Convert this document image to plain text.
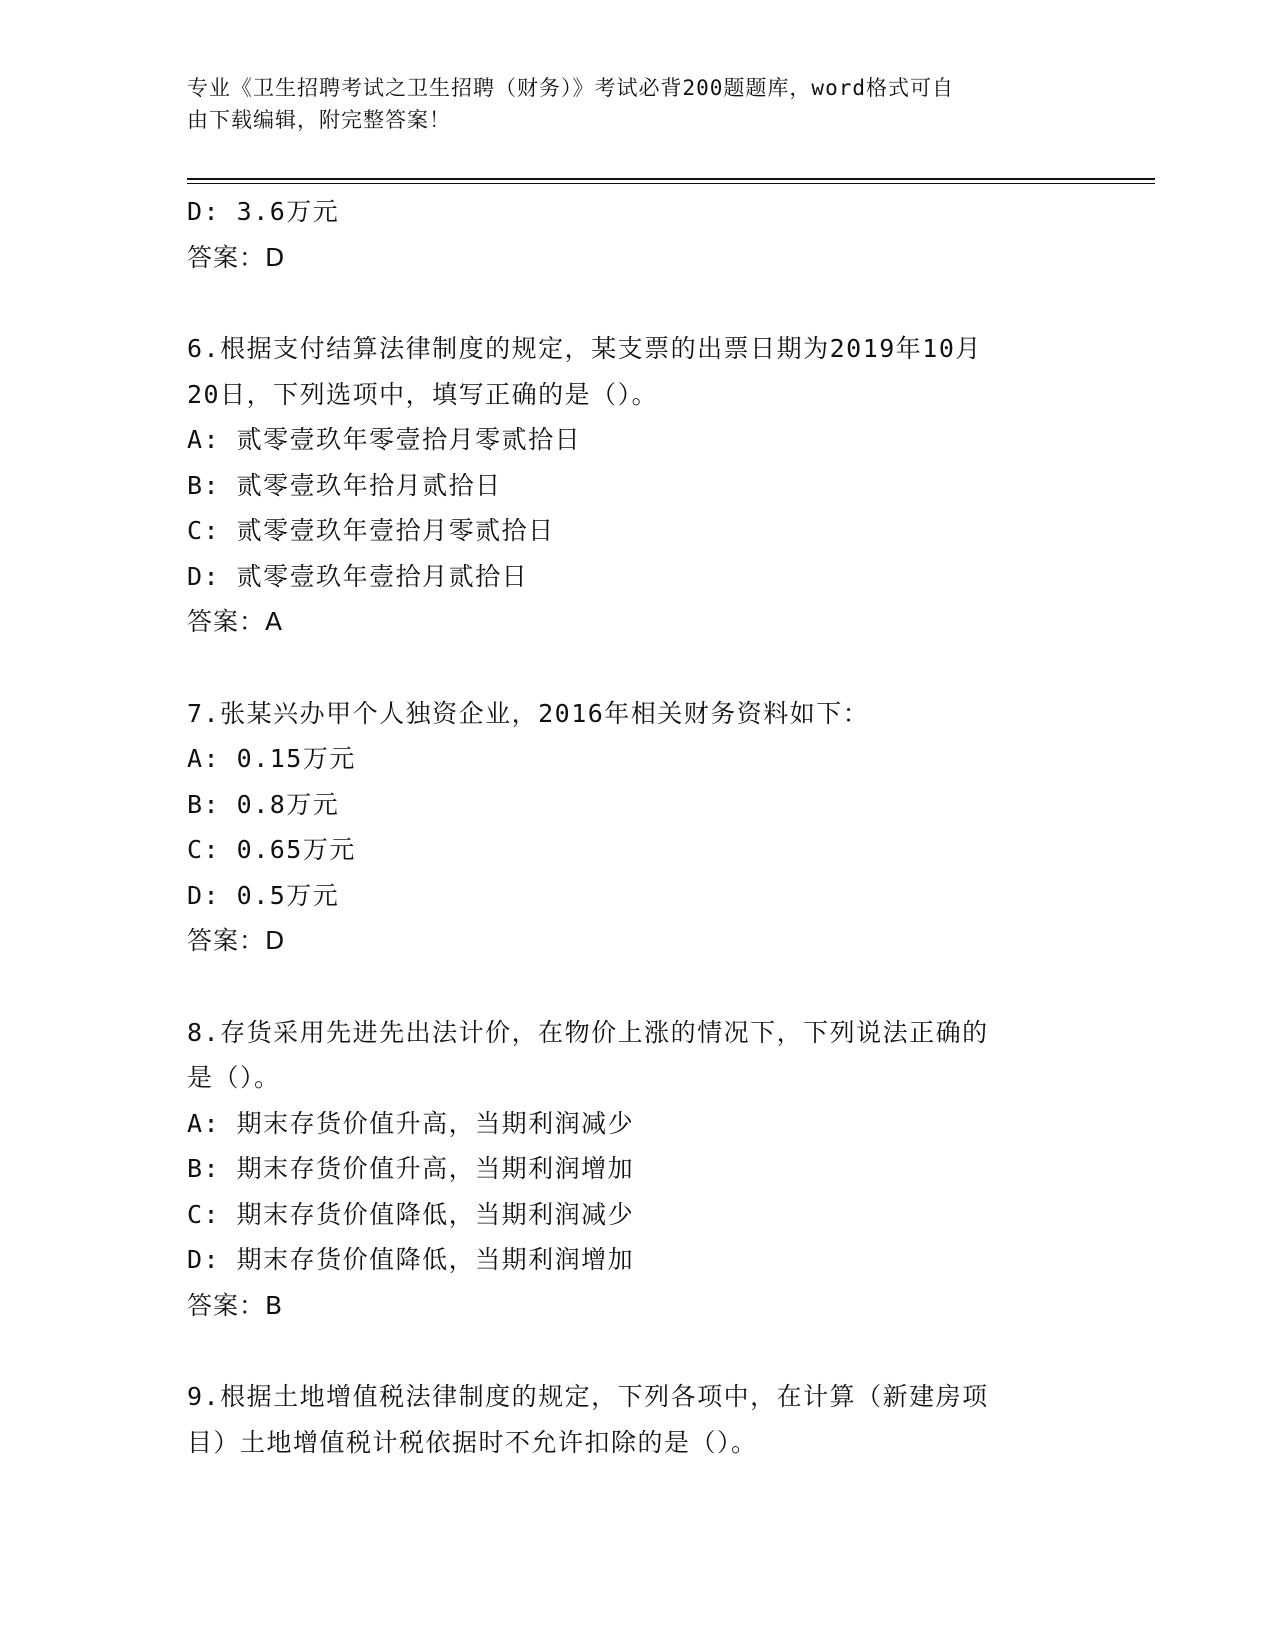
专业《卫生招聘考试之卫生招聘（财务）》考试必背200题题库，word格式可自
由下载编辑，附完整答案！
D: 3.6万元
答案：D
6.根据支付结算法律制度的规定，某支票的出票日期为2019年10月
20日，下列选项中，填写正确的是（）。
A: 贰零壹玖年零壹拾月零贰拾日
B: 贰零壹玖年拾月贰拾日
C: 贰零壹玖年壹拾月零贰拾日
D: 贰零壹玖年壹拾月贰拾日
答案：A
7.张某兴办甲个人独资企业，2016年相关财务资料如下：
A: 0.15万元
B: 0.8万元
C: 0.65万元
D: 0.5万元
答案：D
8.存货采用先进先出法计价，在物价上涨的情况下，下列说法正确的
是（）。
A: 期末存货价值升高，当期利润减少
B: 期末存货价值升高，当期利润增加
C: 期末存货价值降低，当期利润减少
D: 期末存货价值降低，当期利润增加
答案：B
9.根据土地增值税法律制度的规定，下列各项中，在计算（新建房项
目）土地增值税计税依据时不允许扣除的是（）。
